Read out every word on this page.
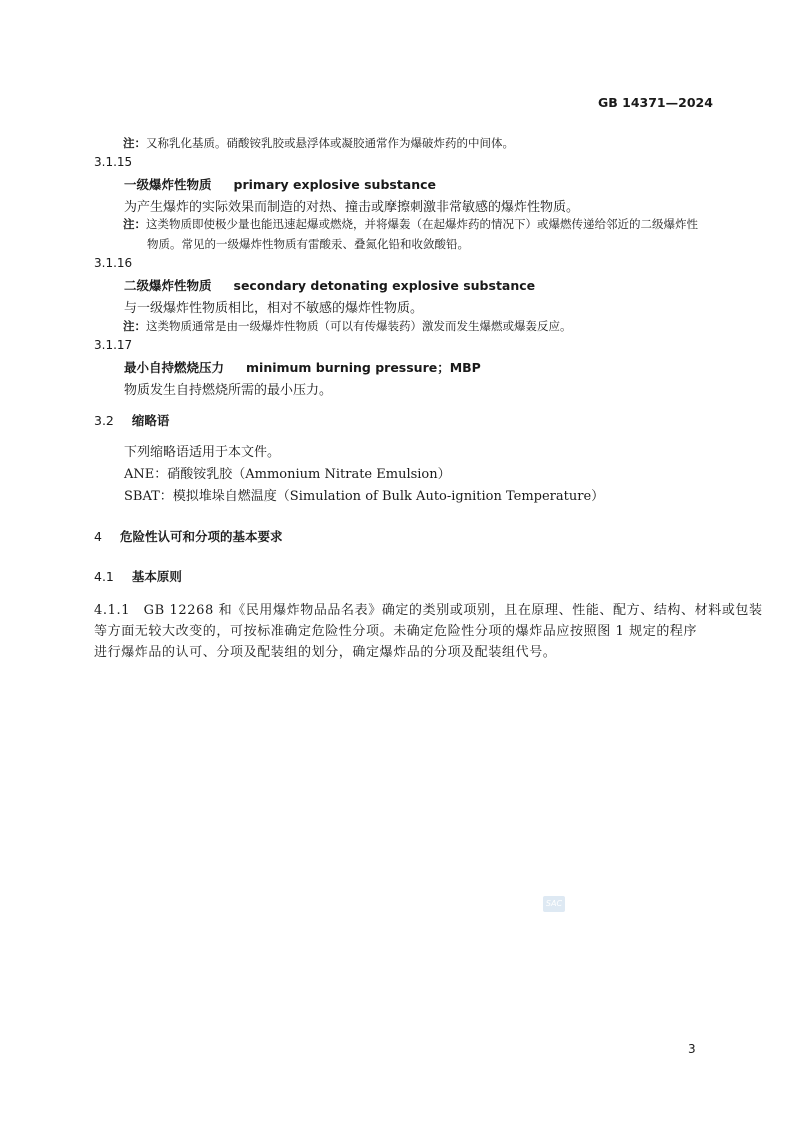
GB 14371—2024
注：又称乳化基质。硝酸铵乳胶或悬浮体或凝胶通常作为爆破炸药的中间体。
3.1.15
一级爆炸性物质 primary explosive substance
为产生爆炸的实际效果而制造的对热、撞击或摩擦刺激非常敏感的爆炸性物质。
注：这类物质即使极少量也能迅速起爆或燃烧，并将爆轰（在起爆炸药的情况下）或爆燃传递给邻近的二级爆炸性
物质。常见的一级爆炸性物质有雷酸汞、叠氮化铅和收敛酸铅。
3.1.16
二级爆炸性物质 secondary detonating explosive substance
与一级爆炸性物质相比，相对不敏感的爆炸性物质。
注：这类物质通常是由一级爆炸性物质（可以有传爆装药）激发而发生爆燃或爆轰反应。
3.1.17
最小自持燃烧压力 minimum burning pressure；MBP
物质发生自持燃烧所需的最小压力。
3.2 缩略语
下列缩略语适用于本文件。
ANE：硝酸铵乳胶（Ammonium Nitrate Emulsion）
SBAT：模拟堆垛自燃温度（Simulation of Bulk Auto-ignition Temperature）
4 危险性认可和分项的基本要求
4.1 基本原则
4.1.1　GB 12268 和《民用爆炸物品品名表》确定的类别或项别，且在原理、性能、配方、结构、材料或包装
等方面无较大改变的，可按标准确定危险性分项。未确定危险性分项的爆炸品应按照图 1 规定的程序
进行爆炸品的认可、分项及配装组的划分，确定爆炸品的分项及配装组代号。
SAC
3
